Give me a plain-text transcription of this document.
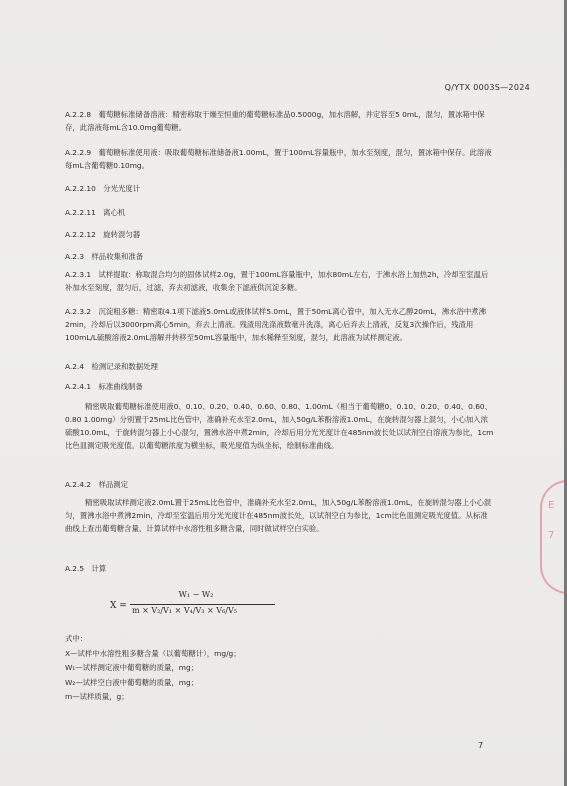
E
7
Q/YTX 0003S—2024
A.2.2.8　葡萄糖标准储备溶液：精密称取干燥至恒重的葡萄糖标准品0.5000g，加水溶解，并定容至5 0mL，混匀，置冰箱中保存，此溶液每mL含10.0mg葡萄糖。
A.2.2.9　葡萄糖标准使用液：吸取葡萄糖标准储备液1.00mL，置于100mL容量瓶中，加水至刻度，混匀，置冰箱中保存。此溶液每mL含葡萄糖0.10mg。
A.2.2.10　分光光度计
A.2.2.11　离心机
A.2.2.12　旋转混匀器
A.2.3　样品收集和准备
A.2.3.1　试样提取：称取混合均匀的固体试样2.0g，置于100mL容量瓶中，加水80mL左右，于沸水浴上加热2h，冷却至室温后补加水至刻度，混匀后，过滤，弃去初滤液，收集余下滤液供沉淀多糖。
A.2.3.2　沉淀粗多糖：精密取4.1项下滤液5.0mL或液体试样5.0mL，置于50mL离心管中，加入无水乙醇20mL，沸水浴中煮沸2min，冷却后以3000rpm离心5min，弃去上清液。残渣用洗涤液数毫升洗涤，离心后弃去上清液，反复3次操作后，残渣用100mL/L硫酸溶液2.0mL溶解并转移至50mL容量瓶中，加水稀释至刻度，混匀，此溶液为试样测定液。
A.2.4　检测记录和数据处理
A.2.4.1　标准曲线制备
精密吸取葡萄糖标准使用液0、0.10、0.20、0.40、0.60、0.80、1.00mL（相当于葡萄糖0、0.10、0.20、0.40、0.60、0.80 1.00mg）分别置于25mL比色管中，准确补充水至2.0mL，加入50g/L苯酚溶液1.0mL，在旋转混匀器上混匀，小心加入浓硫酸10.0mL，于旋转混匀器上小心混匀，置沸水浴中煮2min，冷却后用分光光度计在485nm波长处以试剂空白溶液为参比，1cm比色皿测定吸光度值。以葡萄糖浓度为横坐标，吸光度值为纵坐标，绘制标准曲线。
A.2.4.2　样品测定
精密吸取试样测定液2.0mL置于25mL比色管中，准确补充水至2.0mL，加入50g/L苯酚溶液1.0mL，在旋转混匀器上小心混匀，置沸水浴中煮沸2min，冷却至室温后用分光光度计在485nm波长处，以试剂空白为参比，1cm比色皿测定吸光度值。从标准曲线上查出葡萄糖含量，计算试样中水溶性粗多糖含量，同时做试样空白实验。
A.2.5　计算
X =
W₁ − W₂
m × V₂/V₁ × V₄/V₃ × V₆/V₅
式中：
X—试样中水溶性粗多糖含量（以葡萄糖计），mg/g；
W₁—试样测定液中葡萄糖的质量，mg；
W₂—试样空白液中葡萄糖的质量，mg；
m—试样质量，g；
7
